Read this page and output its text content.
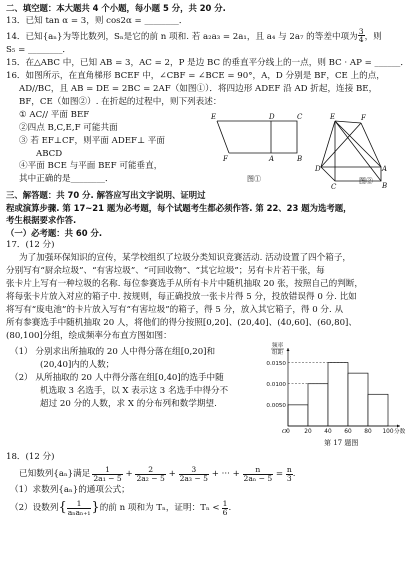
二、填空题：本大题共 4 个小题，每小题 5 分，共 20 分.
13．已知 tan α = 3，则 cos2α = ________．
14．已知{aₙ}为等比数列，Sₙ是它的前 n 项和. 若 a₂a₃ = 2a₁，且 a₄ 与 2a₇ 的等差中项为 $\frac{3}{4}$ ，则
S₅ = ________．
15．在△ABC 中，已知 AB = 3，AC = 2，P 是边 BC 的垂直平分线上的一点，则 BC · AP = ______．
16．如图所示，在直角梯形 BCEF 中，∠CBF = ∠BCE = 90°，A，D 分别是 BF，CE 上的点，
AD//BC，且 AB = DE = 2BC = 2AF（如图①）．将四边形 ADEF 沿 AD 折起，连接 BE，
BF，CE（如图②）. 在折起的过程中，则下列表述：
① AC// 平面 BEF
②四点 B,C,E,F 可能共面
③ 若 EF⊥CF，则平面 ADEF⊥ 平面
ABCD
④平面 BCE 与平面 BEF 可能垂直，
其中正确的是________．
E	D	C
F	A	B
E	F
D	A
C	B
图①	图②
三、解答题：共 70 分. 解答应写出文字说明、证明过
程或演算步骤. 第 17~21 题为必考题，每个试题考生都必须作答. 第 22、23 题为选考题，
考生根据要求作答.
（一）必考题：共 60 分.
17．(12 分)
为了加强环保知识的宣传，某学校组织了垃圾分类知识竞赛活动. 活动设置了四个箱子，
分别写有“厨余垃圾”、“有害垃圾”、“可回收物”、“其它垃圾”；另有卡片若干张，每
张卡片上写有一种垃圾的名称. 每位参赛选手从所有卡片中随机抽取 20 张，按照自己的判断，
将每张卡片放入对应的箱子中. 按规则，每正确投放一张卡片得 5 分，投放错误得 0 分. 比如
将写有“废电池”的卡片放入写有“有害垃圾”的箱子，得 5 分，放入其它箱子，得 0 分. 从
所有参赛选手中随机抽取 20 人，将他们的得分按照[0,20]、(20,40]、(40,60]、(60,80]、
(80,100]分组，绘成频率分布直方图如图：
（1） 分别求出所抽取的 20 人中得分落在组[0,20]和
(20,40]内的人数；
（2） 从所抽取的 20 人中得分落在组[0,40]的选手中随
机选取 3 名选手，以 X 表示这 3 名选手中得分不
超过 20 分的人数，求 X 的分布列和数学期望.	0.0050
0.0100
0.0150
0 20 40 60 80 100
O
频率
组距
分数
第 17 题图
18．(12 分)
已知数列{aₙ}满足 $\frac{1}{\text{2a₁ − 5}} + \frac{2}{\text{2a₂ − 5}} + \frac{3}{\text{2a₃ − 5}}$ + ··· + $\frac{n}{\text{2aₙ − 5}} = \frac{n}{3}$ .
（1）求数列{aₙ}的通项公式；
（2）设数列 { $\frac{1}{\text{aₙaₙ₊₁}}$ } 的前 n 项和为 Tₙ，证明：$T_n < \frac{1}{6}$ .
